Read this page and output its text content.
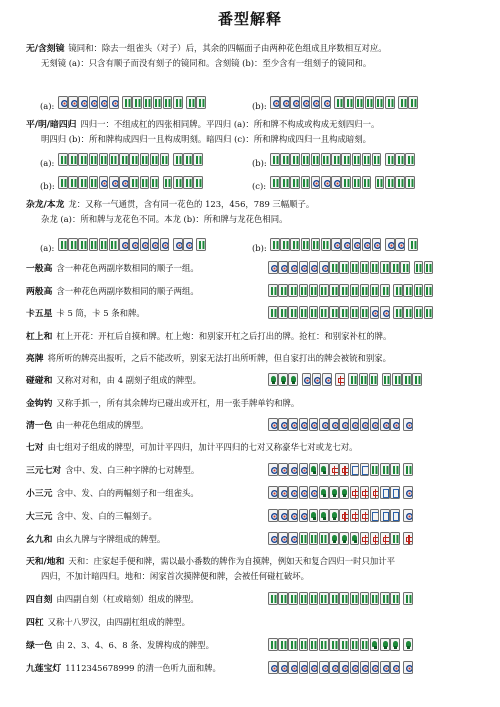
番型解释
无/含刻镜 镜同和：除去一组雀头（对子）后，其余的四幅面子由两种花色组成且序数相互对应。
无刻镜 (a)：只含有顺子而没有刻子的镜同和。含刻镜 (b)：至少含有一组刻子的镜同和。
(a):	(b):
平/明/暗四归 四归一：不组成杠的四张相同牌。平四归 (a)：所和牌不构成或构成无刻四归一。
明四归 (b)：所和牌构成四归一且构成明刻。暗四归 (c)：所和牌构成四归一且构成暗刻。
(a):	(b):
(b):	(c):
杂龙/本龙 龙：又称一气通贯，含有同一花色的 123，456，789 三幅顺子。
杂龙 (a)：所和牌与龙花色不同。本龙 (b)：所和牌与龙花色相同。
(a):	(b):
一般高 含一种花色两副序数相同的顺子一组。
两般高 含一种花色两副序数相同的顺子两组。
卡五星 卡 5 筒，卡 5 条和牌。
杠上和 杠上开花：开杠后自摸和牌。杠上炮：和别家开杠之后打出的牌。抢杠：和别家补杠的牌。
亮牌 将所听的牌亮出报听，之后不能改听，别家无法打出所听牌，但自家打出的牌会被铳和别家。
碰碰和 又称对对和，由 4 副刻子组成的牌型。
金钩钓 又称手抓一，所有其余牌均已碰出或开杠，用一张手牌单钓和牌。
清一色 由一种花色组成的牌型。
七对 由七组对子组成的牌型，可加计平四归，加计平四归的七对又称豪华七对或龙七对。
三元七对 含中、发、白三种字牌的七对牌型。
小三元 含中、发、白的两幅刻子和一组雀头。
大三元 含中、发、白的三幅刻子。
幺九和 由幺九牌与字牌组成的牌型。
天和/地和 天和：庄家起手便和牌，需以最小番数的牌作为自摸牌，例如天和复合四归一时只加计平
四归，不加计暗四归。地和：闲家首次摸牌便和牌，会被任何碰杠破坏。
四自刻 由四副自刻（杠或暗刻）组成的牌型。
四杠 又称十八罗汉，由四副杠组成的牌型。
绿一色 由 2、3、4、6、8 条、发牌构成的牌型。
九莲宝灯 1112345678999 的清一色听九面和牌。
